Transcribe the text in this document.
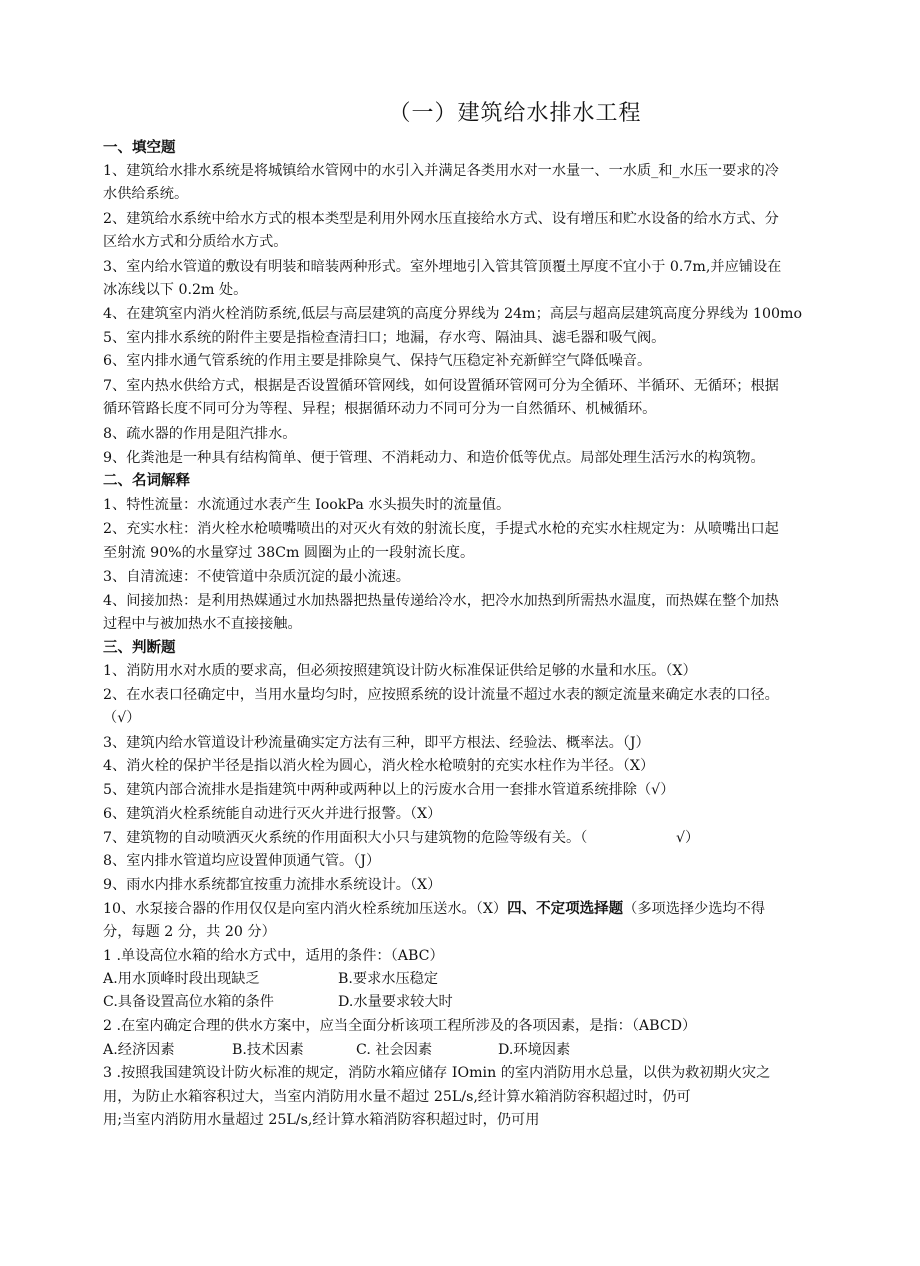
（一）建筑给水排水工程
一、填空题
1、建筑给水排水系统是将城镇给水管网中的水引入并满足各类用水对一水量一、一水质_和_水压一要求的冷
水供给系统。
2、建筑给水系统中给水方式的根本类型是利用外网水压直接给水方式、设有增压和贮水设备的给水方式、分
区给水方式和分质给水方式。
3、室内给水管道的敷设有明装和暗装两种形式。室外埋地引入管其管顶覆土厚度不宜小于 0.7m,并应铺设在
冰冻线以下 0.2m 处。
4、在建筑室内消火栓消防系统,低层与高层建筑的高度分界线为 24m；高层与超高层建筑高度分界线为 100mo
5、室内排水系统的附件主要是指检查清扫口；地漏，存水弯、隔油具、滤毛器和吸气阀。
6、室内排水通气管系统的作用主要是排除臭气、保持气压稳定补充新鲜空气降低噪音。
7、室内热水供给方式，根据是否设置循环管网线，如何设置循环管网可分为全循环、半循环、无循环；根据
循环管路长度不同可分为等程、异程；根据循环动力不同可分为一自然循环、机械循环。
8、疏水器的作用是阻汽排水。
9、化粪池是一种具有结构简单、便于管理、不消耗动力、和造价低等优点。局部处理生活污水的构筑物。
二、名词解释
1、特性流量：水流通过水表产生 IookPa 水头损失时的流量值。
2、充实水柱：消火栓水枪喷嘴喷出的对灭火有效的射流长度，手提式水枪的充实水柱规定为：从喷嘴出口起
至射流 90%的水量穿过 38Cm 圆圈为止的一段射流长度。
3、自清流速：不使管道中杂质沉淀的最小流速。
4、间接加热：是利用热媒通过水加热器把热量传递给冷水，把冷水加热到所需热水温度，而热媒在整个加热
过程中与被加热水不直接接触。
三、判断题
1、消防用水对水质的要求高，但必须按照建筑设计防火标准保证供给足够的水量和水压。（X）
2、在水表口径确定中，当用水量均匀时，应按照系统的设计流量不超过水表的额定流量来确定水表的口径。
（√）
3、建筑内给水管道设计秒流量确实定方法有三种，即平方根法、经验法、概率法。（J）
4、消火栓的保护半径是指以消火栓为圆心，消火栓水枪喷射的充实水柱作为半径。（X）
5、建筑内部合流排水是指建筑中两种或两种以上的污废水合用一套排水管道系统排除（√）
6、建筑消火栓系统能自动进行灭火并进行报警。（X）
7、建筑物的自动喷洒灭火系统的作用面积大小只与建筑物的危险等级有关。（	√）
8、室内排水管道均应设置伸顶通气管。（J）
9、雨水内排水系统都宜按重力流排水系统设计。（X）
10、水泵接合器的作用仅仅是向室内消火栓系统加压送水。（X）四、不定项选择题（多项选择少选均不得
分，每题 2 分，共 20 分）
1 .单设高位水箱的给水方式中，适用的条件：（ABC）
A.用水顶峰时段出现缺乏	B.要求水压稳定
C.具备设置高位水箱的条件	D.水量要求较大时
2 .在室内确定合理的供水方案中，应当全面分析该项工程所涉及的各项因素，是指：（ABCD）
A.经济因素	B.技术因素	C. 社会因素	D.环境因素
3 .按照我国建筑设计防火标准的规定，消防水箱应储存 IOmin 的室内消防用水总量，以供为救初期火灾之
用，为防止水箱容积过大，当室内消防用水量不超过 25L/s,经计算水箱消防容积超过时，仍可
用;当室内消防用水量超过 25L/s,经计算水箱消防容积超过时，仍可用
